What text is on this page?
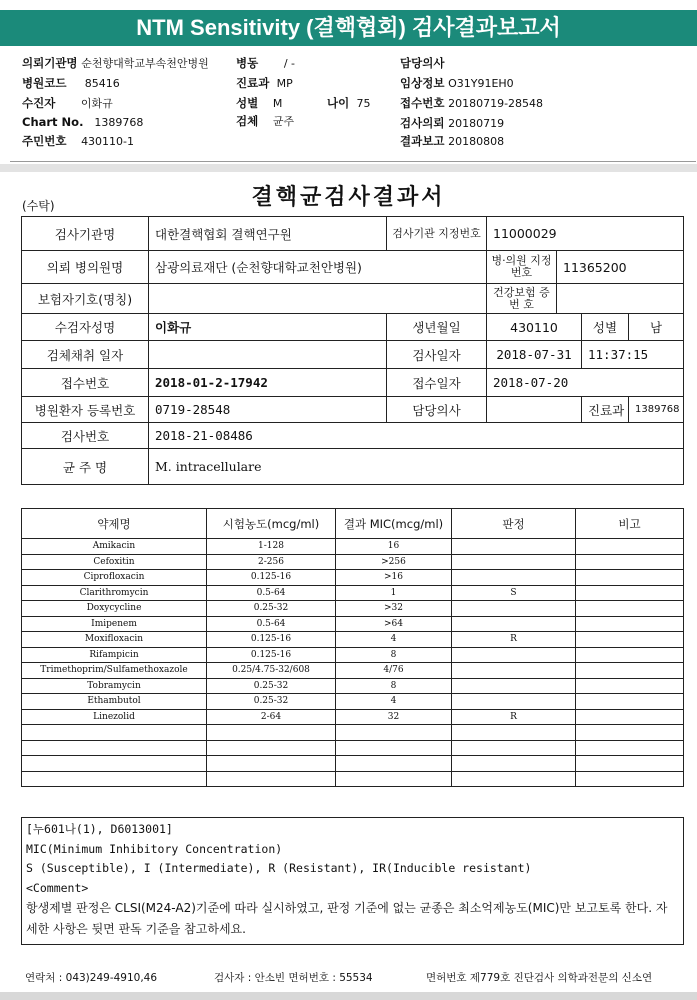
NTM Sensitivity (결핵협회) 검사결과보고서
의뢰기관명 순천향대학교부속천안병원 병동 / -	담당의사
병원코드 85416	진료과 MP	임상정보 O31Y91EH0
수진자 이화규	성별 M	나이 75	접수번호 20180719-28548
Chart No. 1389768	검체 균주	검사의뢰 20180719
주민번호 430110-1	결과보고 20180808
결핵균검사결과서
(수탁)
검사기관명	대한결핵협회 결핵연구원	검사기관 지정번호	11000029			
의뢰 병의원명	삼광의료재단 (순천향대학교천안병원)		병·의원 지정번호	11365200		
보험자기호(명칭)			건강보험 증 번 호			
수검자성명	이화규	생년월일	430110		성별	남
검체채취 일자		검사일자	2018-07-31		11:37:15	
접수번호	2018-01-2-17942	접수일자	2018-07-20			
병원환자 등록번호	0719-28548	담당의사			진료과	1389768
검사번호	2018-21-08486					
균 주 명	M. intracellulare					
약제명	시험농도(mcg/ml)	결과 MIC(mcg/ml)	판정	비고
Amikacin	1-128	16		
Cefoxitin	2-256	>256		
Ciprofloxacin	0.125-16	>16		
Clarithromycin	0.5-64	1	S	
Doxycycline	0.25-32	>32		
Imipenem	0.5-64	>64		
Moxifloxacin	0.125-16	4	R	
Rifampicin	0.125-16	8		
Trimethoprim/Sulfamethoxazole	0.25/4.75-32/608	4/76		
Tobramycin	0.25-32	8		
Ethambutol	0.25-32	4		
Linezolid	2-64	32	R	

[누601나(1), D6013001]
MIC(Minimum Inhibitory Concentration)
S (Susceptible), I (Intermediate), R (Resistant), IR(Inducible resistant)
<Comment>
항생제별 판정은 CLSI(M24-A2)기준에 따라 실시하였고, 판정 기준에 없는 균종은 최소억제농도(MIC)만 보고토록 한다. 자세한 사항은 뒷면 판독 기준을 참고하세요.
연락처 : 043)249-4910,46	검사자 : 안소빈 면허번호 : 55534	면허번호 제779호 진단검사 의학과전문의 신소연
